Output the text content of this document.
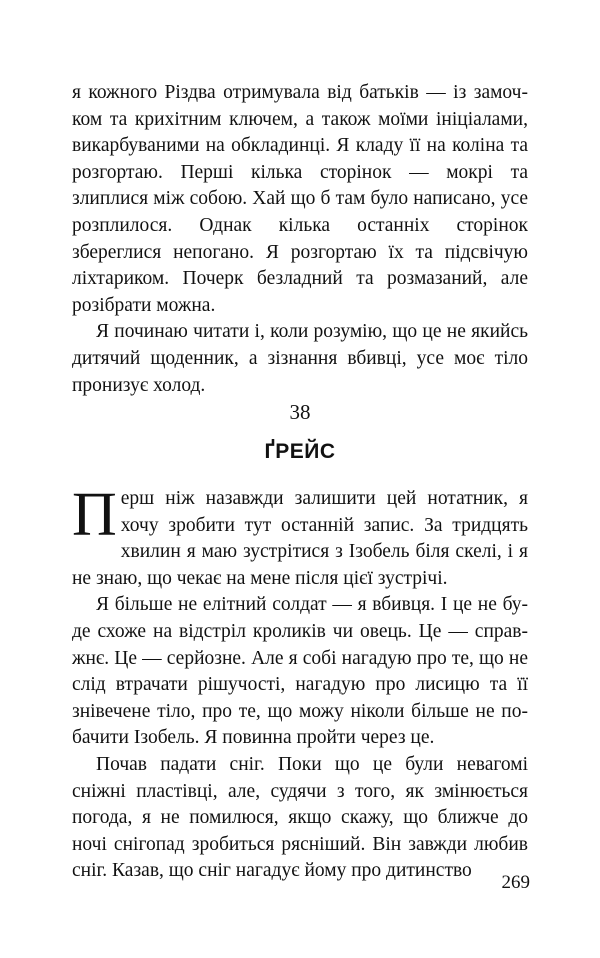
я кожного Різдва отримувала від батьків — із замочком та крихітним ключем, а також моїми ініціалами, викарбуваними на обкладинці. Я кладу її на коліна та розгортаю. Перші кілька сторінок — мокрі та злиплися між собою. Хай що б там було написано, усе розплилося. Однак кілька останніх сторінок збереглися непогано. Я розгортаю їх та підсвічую ліхтариком. Почерк безладний та розмазаний, але розібрати можна.

Я починаю читати і, коли розумію, що це не якийсь дитячий щоденник, а зізнання вбивці, усе моє тіло пронизує холод.

38
ҐРЕЙС

Перш ніж назавжди залишити цей нотатник, я хочу зробити тут останній запис. За тридцять хвилин я маю зустрітися з Ізобель біля скелі, і я не знаю, що чекає на мене після цієї зустрічі.

Я більше не елітний солдат — я вбивця. І це не буде схоже на відстріл кроликів чи овець. Це — справжнє. Це — серйозне. Але я собі нагадую про те, що не слід втрачати рішучості, нагадую про лисицю та її знівечене тіло, про те, що можу ніколи більше не побачити Ізобель. Я повинна пройти через це.

Почав падати сніг. Поки що це були невагомі сніжні пластівці, але, судячи з того, як змінюється погода, я не помилюся, якщо скажу, що ближче до ночі снігопад зробиться рясніший. Він завжди любив сніг. Казав, що сніг нагадує йому про дитинство

269
